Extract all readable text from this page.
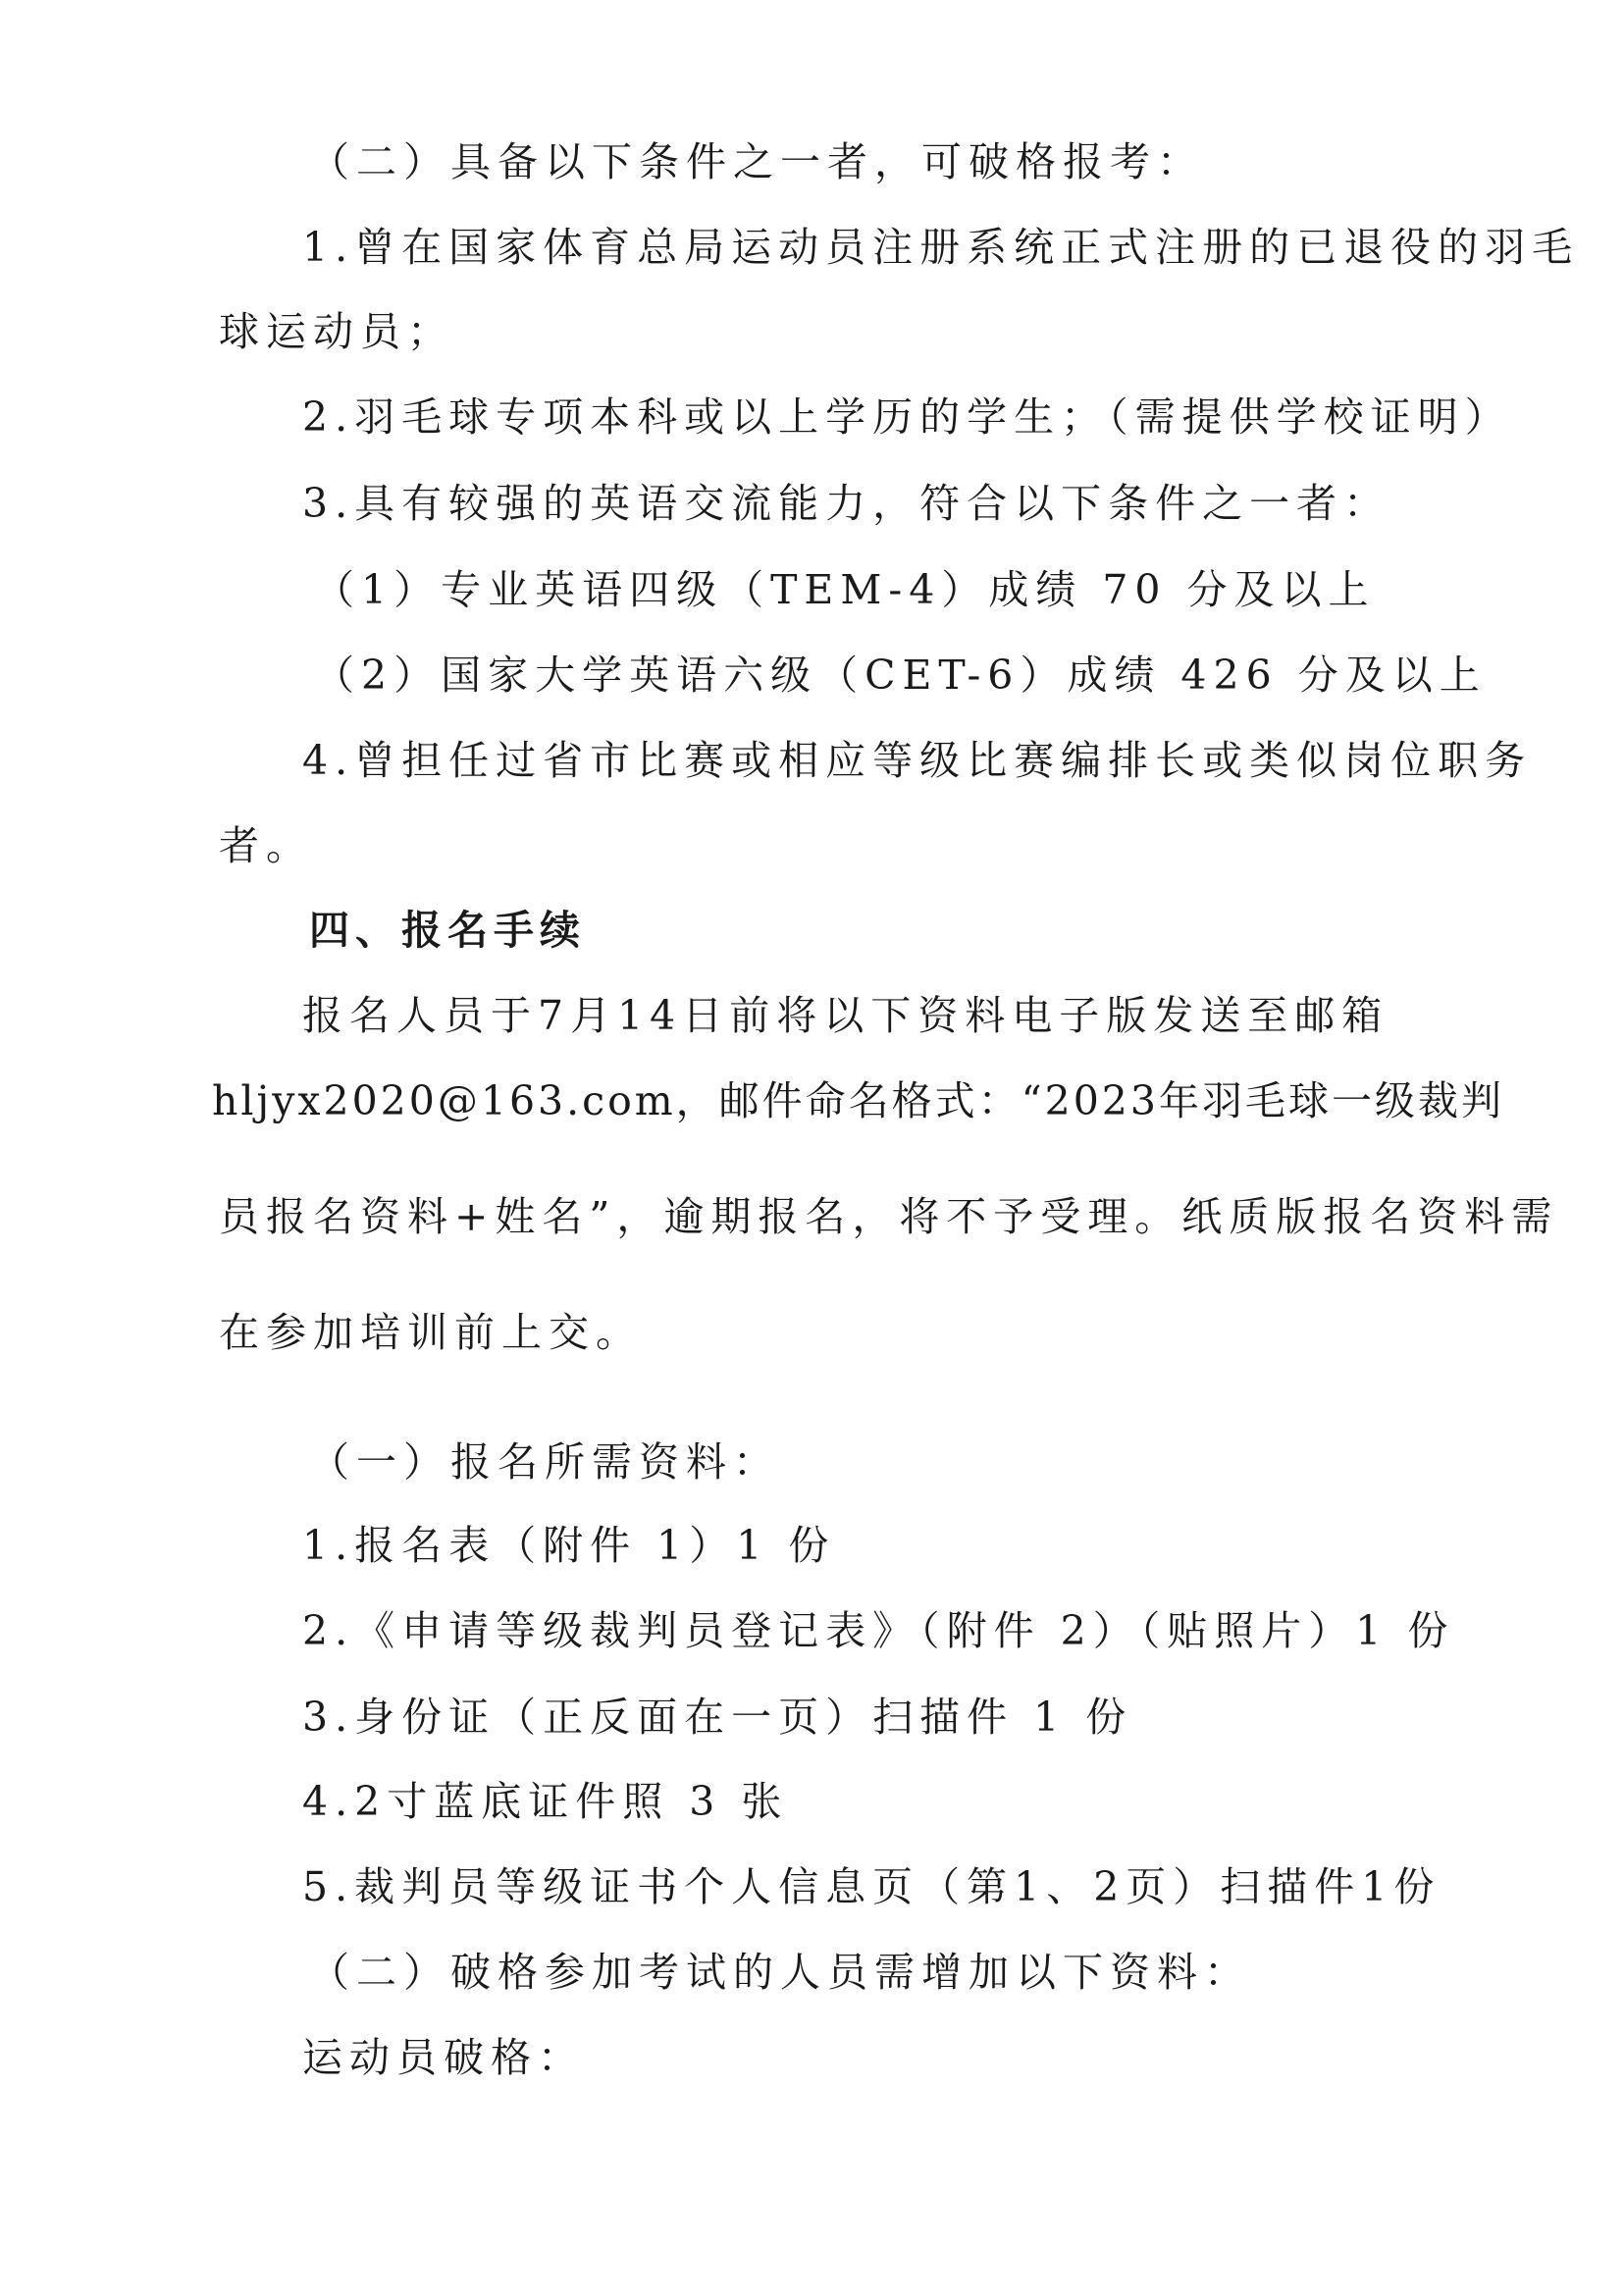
（二）具备以下条件之一者，可破格报考：
1.曾在国家体育总局运动员注册系统正式注册的已退役的羽毛
球运动员；
2.羽毛球专项本科或以上学历的学生；（需提供学校证明）
3.具有较强的英语交流能力，符合以下条件之一者：
（1）专业英语四级（TEM-4）成绩 70 分及以上
（2）国家大学英语六级（CET-6）成绩 426 分及以上
4.曾担任过省市比赛或相应等级比赛编排长或类似岗位职务
者。
四、报名手续
报名人员于7月14日前将以下资料电子版发送至邮箱
hljyx2020@163.com，邮件命名格式：“2023年羽毛球一级裁判
员报名资料+姓名”，逾期报名，将不予受理。纸质版报名资料需
在参加培训前上交。
（一）报名所需资料：
1.报名表（附件 1）1 份
2.《申请等级裁判员登记表》（附件 2）（贴照片）1 份
3.身份证（正反面在一页）扫描件 1 份
4.2寸蓝底证件照 3 张
5.裁判员等级证书个人信息页（第1、2页）扫描件1份
（二）破格参加考试的人员需增加以下资料：
运动员破格：
